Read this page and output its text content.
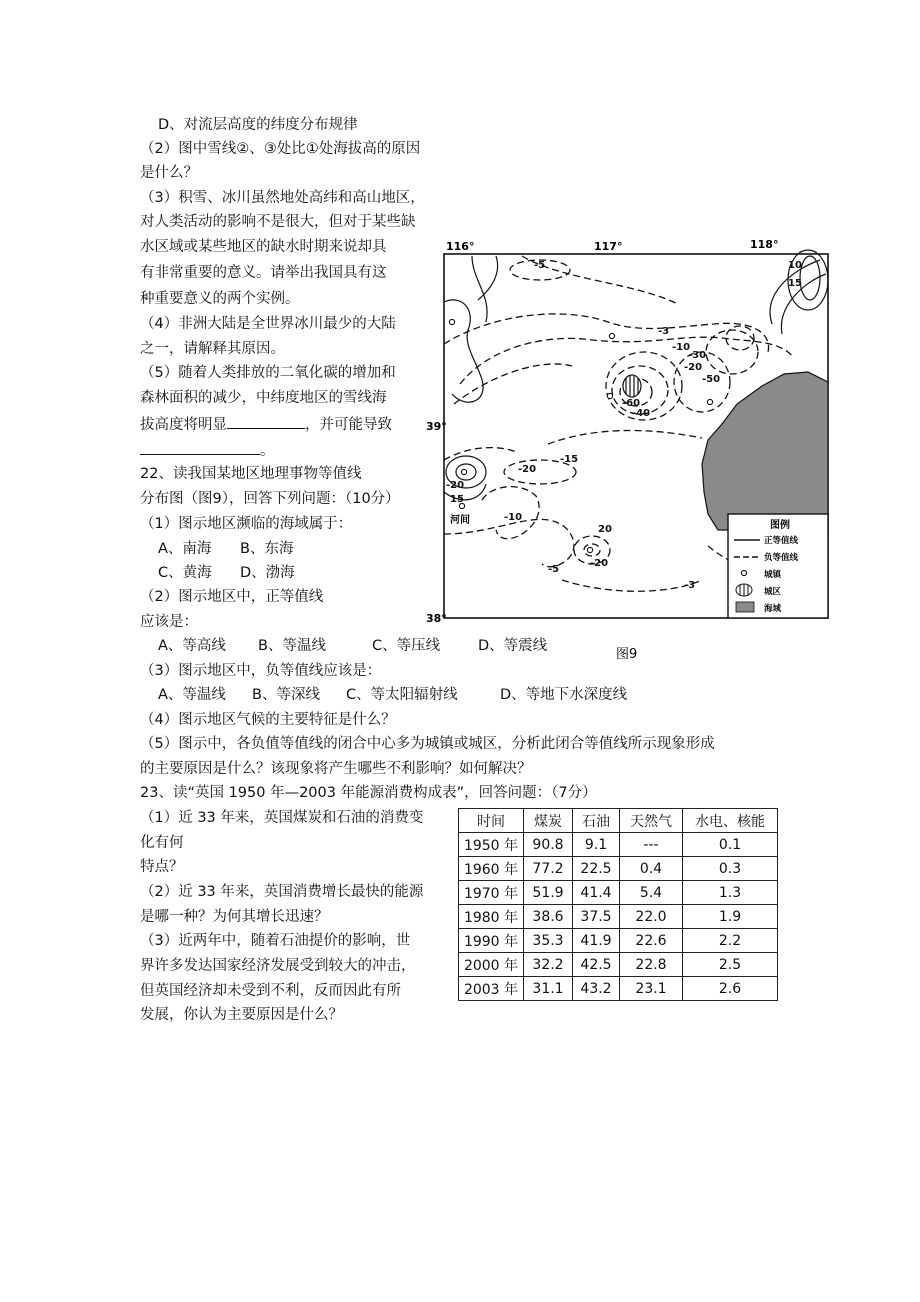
D、对流层高度的纬度分布规律
（2）图中雪线②、③处比①处海拔高的原因
是什么？
（3）积雪、冰川虽然地处高纬和高山地区，
对人类活动的影响不是很大，但对于某些缺
水区域或某些地区的缺水时期来说却具
有非常重要的意义。请举出我国具有这
种重要意义的两个实例。
（4）非洲大陆是全世界冰川最少的大陆
之一，请解释其原因。
（5）随着人类排放的二氧化碳的增加和
森林面积的减少，中纬度地区的雪线海
拔高度将明显	，并可能导致
。
22、读我国某地区地理事物等值线
分布图（图9），回答下列问题：（10分）
（1）图示地区濒临的海域属于：
A、南海 B、东海
C、黄海 D、渤海
（2）图示地区中，正等值线
应该是：
A、等高线 B、等温线	C、等压线	D、等震线
（3）图示地区中，负等值线应该是：
A、等温线 B、等深线 C、等太阳辐射线	D、等地下水深度线
（4）图示地区气候的主要特征是什么？
（5）图示中，各负值等值线的闭合中心多为城镇或城区，分析此闭合等值线所示现象形成
的主要原因是什么？该现象将产生哪些不利影响？如何解决？
23、读“英国 1950 年—2003 年能源消费构成表”，回答问题：（7分）
（1）近 33 年来，英国煤炭和石油的消费变
化有何
特点？
（2）近 33 年来，英国消费增长最快的能源
是哪一种？为何其增长迅速？
（3）近两年中，随着石油提价的影响，世
界许多发达国家经济发展受到较大的冲击，
但英国经济却未受到不利，反而因此有所
发展，你认为主要原因是什么？
116°	117°	118°
39°
38°
河间
-5	10
15
-3
-10
-30
-20
-50
-60
-40
-20
-15
-20
15
-10
-5
20
-20
-3
图例
正等值线
负等值线
城镇
城区
海域
图9
时间	煤炭	石油	天然气	水电、核能
1950 年	90.8	9.1	---	0.1
1960 年	77.2	22.5	0.4	0.3
1970 年	51.9	41.4	5.4	1.3
1980 年	38.6	37.5	22.0	1.9
1990 年	35.3	41.9	22.6	2.2
2000 年	32.2	42.5	22.8	2.5
2003 年	31.1	43.2	23.1	2.6
